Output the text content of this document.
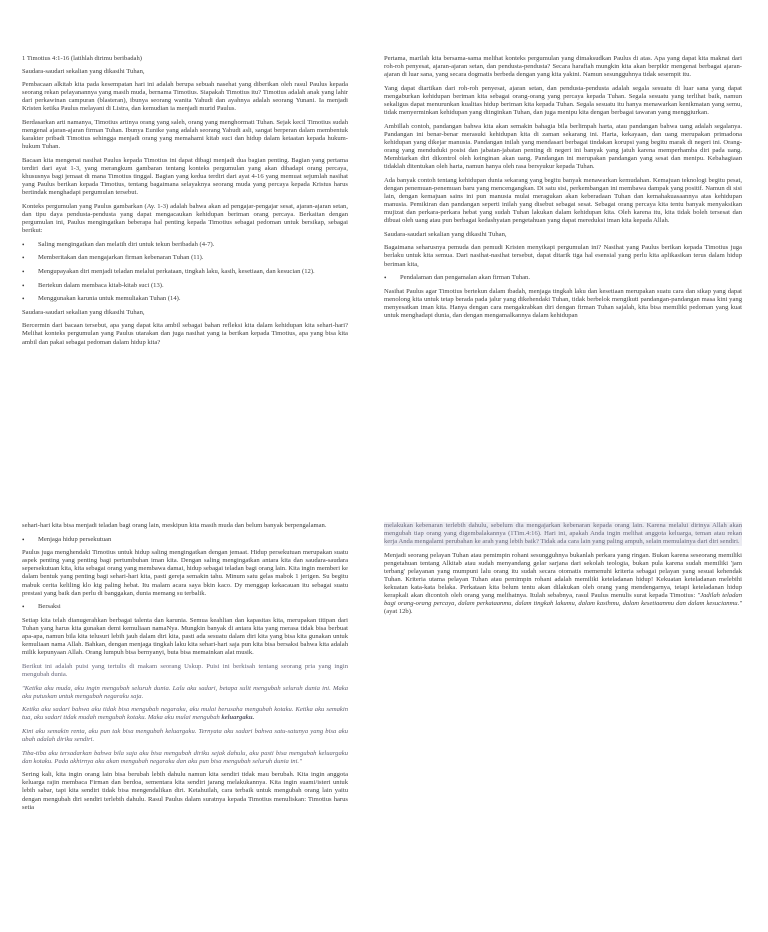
1 Timotius 4:1-16 (latihlah dirimu beribadah)

Saudara-saudari sekalian yang dikasihi Tuhan,

Pembacaan alkitab kita pada kesempatan hari ini adalah berupa sebuah nasehat yang diberikan oleh rasul Paulus kepada seorang rekan pelayanannya yang masih muda, bernama Timotius. Siapakah Timotius itu? Timotius adalah anak yang lahir dari perkawinan campuran (blasteran), ibunya seorang wanita Yahudi dan ayahnya adalah seorang Yunani. Ia menjadi Kristen ketika Paulus melayani di Listra, dan kemudian ia menjadi murid Paulus.

Berdasarkan arti namanya, Timotius artinya orang yang saleh, orang yang menghormati Tuhan. Sejak kecil Timotius sudah mengenal ajaran-ajaran firman Tuhan. Ibunya Eunike yang adalah seorang Yahudi asli, sangat berperan dalam membentuk karakter pribadi Timotius sehingga menjadi orang yang memahami kitab suci dan hidup dalam ketaatan kepada hukum-hukum Tuhan.

Bacaan kita mengenai nasihat Paulus kepada Timotius ini dapat dibagi menjadi dua bagian penting. Bagian yang pertama terdiri dari ayat 1-3, yang merangkum gambaran tentang konteks pergumulan yang akan dihadapi orang percaya, khususnya bagi jemaat di mana Timotius tinggal. Bagian yang kedua terdiri dari ayat 4-16 yang memuat sejumlah nasihat yang Paulus berikan kepada Timotius, tentang bagaimana selayaknya seorang muda yang percaya kepada Kristus harus bertindak menghadapi pergumulan tersebut.

Konteks pergumulan yang Paulus gambarkan (Ay. 1-3) adalah bahwa akan ad pengajar-pengajar sesat, ajaran-ajaran setan, dan tipu daya pendusta-pendusta yang dapat mengacaukan kehidupan beriman orang percaya. Berkaitan dengan pergumulan ini, Paulus mengingatkan beberapa hal penting kepada Timotius sebagai pedoman untuk bersikap, sebagai berikut:

•	Saling mengingatkan dan melatih diri untuk tekun beribadah (4-7).
•	Memberitakan dan mengajarkan firman kebenaran Tuhan (11).
•	Mengupayakan diri menjadi teladan melalui perkataan, tingkah laku, kasih, kesetiaan, dan kesucian (12).
•	Bertekun dalam membaca kitab-kitab suci (13).
•	Menggunakan karunia untuk memuliakan Tuhan (14).

Saudara-saudari sekalian yang dikasihi Tuhan,

Bercermin dari bacaan tersebut, apa yang dapat kita ambil sebagai bahan refleksi kita dalam kehidupan kita sehari-hari? Melihat konteks pergumulan yang Paulus utarakan dan juga nasihat yang ia berikan kepada Timotius, apa yang bisa kita ambil dan pakai sebagai pedoman dalam hidup kita?

Pertama, marilah kita bersama-sama melihat konteks pergumulan yang dimaksudkan Paulus di atas. Apa yang dapat kita maknai dari roh-roh penyesat, ajaran-ajaran setan, dan pendusta-pendusta? Secara harafiah mungkin kita akan berpikir mengenai berbagai ajaran-ajaran di luar sana, yang secara dogmatis berbeda dengan yang kita yakini. Namun sesungguhnya tidak sesempit itu.

Yang dapat diartikan dari roh-roh penyesat, ajaran setan, dan pendusta-pendusta adalah segala sesuatu di luar sana yang dapat mengaburkan kehidupan beriman kita sebagai orang-orang yang percaya kepada Tuhan. Segala sesuatu yang terlihat baik, namun sekaligus dapat menurunkan kualitas hidup beriman kita kepada Tuhan. Segala sesuatu itu hanya menawarkan kenikmatan yang semu, tidak menyerminkan kehidupan yang diinginkan Tuhan, dan juga menipu kita dengan berbagai tawaran yang menggiurkan.

Ambillah contoh, pandangan bahwa kita akan semakin bahagia bila berlimpah harta, atau pandangan bahwa uang adalah segalanya. Pandangan ini benar-benar merasuki kehidupan kita di zaman sekarang ini. Harta, kekayaan, dan uang merupakan primadona kehidupan yang dikejar manusia. Pandangan inilah yang mendasari berbagai tindakan korupsi yang begitu marak di negeri ini. Orang-orang yang menduduki posisi dan jabatan-jabatan penting di negeri ini banyak yang jatuh karena memperhamba diri pada uang. Membiarkan diri dikontrol oleh keinginan akan uang. Pandangan ini merupakan pandangan yang sesat dan menipu. Kebahagiaan tidaklah ditentukan oleh harta, namun hanya oleh rasa bersyukur kepada Tuhan.

Ada banyak contoh tentang kehidupan dunia sekarang yang begitu banyak menawarkan kemudahan. Kemajuan teknologi begitu pesat, dengan penemuan-penemuan baru yang mencengangkan. Di satu sisi, perkembangan ini membawa dampak yang positif. Namun di sisi lain, dengan kemajuan sains ini pun manusia mulai meragukan akan keberadaan Tuhan dan kemahakuasaannya atas kehidupan manusia. Pemikiran dan pandangan seperti inilah yang disebut sebagai sesat. Sebagai orang percaya kita tentu banyak menyaksikan mujizat dan perkara-perkara hebat yang sudah Tuhan lakukan dalam kehidupan kita. Oleh karena itu, kita tidak boleh tersesat dan dibuai oleh uang atau pun berbagai kedashyatan pengetahuan yang dapat mereduksi iman kita kepada Allah.

Saudara-saudari sekalian yang dikasihi Tuhan,

Bagaimana seharusnya pemuda dan pemudi Kristen menyikapi pergumulan ini? Nasihat yang Paulus berikan kepada Timotius juga berlaku untuk kita semua. Dari nasihat-nasihat tersebut, dapat ditarik tiga hal esensial yang perlu kita aplikasikan terus dalam hidup beriman kita,

•	Pendalaman dan pengamalan akan firman Tuhan.

Nasihat Paulus agar Timotius bertekun dalam ibadah, menjaga tingkah laku dan kesetiaan merupakan suatu cara dan sikap yang dapat menolong kita untuk tetap berada pada jalur yang dikehendaki Tuhan, tidak berbelok mengikuti pandangan-pandangan masa kini yang menyesatkan iman kita. Hanya dengan cara mengakrabkan diri dengan firman Tuhan sajalah, kita bisa memiliki pedoman yang kuat untuk menghadapi dunia, dan dengan mengamalkannya dalam kehidupan

sehari-hari kita bisa menjadi teladan bagi orang lain, meskipun kita masih muda dan belum banyak berpengalaman.

•	Menjaga hidup persekutuan

Paulus juga menghendaki Timotius untuk hidup saling mengingatkan dengan jemaat. Hidup persekutuan merupakan suatu aspek penting yang penting bagi pertumbuhan iman kita. Dengan saling mengingatkan antara kita dan saudara-saudara sepersekutuan kita, kita sebagai orang yang membawa damai, hidup sebagai teladan bagi orang lain. Kita ingin memberi ke dalam bentuk yang penting bagi sehari-hari kita, pasti gereja semakin tahu. Minum satu gelas mabok 1 jerigen. Su begitu mabuk cerita keliling klo ktg paling hebat. Itu malam acara saya bkin kaco. Dy menggap kekacauan itu sebagai suatu prestasi yang baik dan perlu di banggakan, dunia memang su terbalik.

•	Bersaksi

Setiap kita telah dianugerahkan berbagai talenta dan karunia. Semua keahlian dan kapasitas kita, merupakan titipan dari Tuhan yang harus kita gunakan demi kemuliaan namaNya. Mungkin banyak di antara kita yang merasa tidak bisa berbuat apa-apa, namun bila kita telusuri lebih jauh dalam diri kita, pasti ada sesuatu dalam diri kita yang bisa kita gunakan untuk kemuliaan nama Allah. Bahkan, dengan menjaga tingkah laku kita sehari-hari saja pun kita bisa bersaksi bahwa kita adalah milik kepunyaan Allah. Orang lumpuh bisa bernyanyi, buta bisa memainkan alat musik.

Berikut ini adalah puisi yang tertulis di makam seorang Uskup. Puisi ini berkisah tentang seorang pria yang ingin mengubah dunia.

"Ketika aku muda, aku ingin mengubah seluruh dunia. Lalu aku sadari, betapa sulit mengubah seluruh dunia ini. Maka aku putuskan untuk mengubah negaraku saja.

Ketika aku sadari bahwa aku tidak bisa mengubah negaraku, aku mulai berusaha mengubah kotaku. Ketika aku semakin tua, aku sadari tidak mudah mengubah kotaku. Maka aku mulai mengubah keluargaku.

Kini aku semakin renta, aku pun tak bisa mengubah keluargaku. Ternyata aku sadari bahwa satu-satunya yang bisa aku ubah adalah diriku sendiri.

Tiba-tiba aku tersadarkan bahwa bila saja aku bisa mengubah diriku sejak dahulu, aku pasti bisa mengubah keluargaku dan kotaku. Pada akhirnya aku akan mengubah negaraku dan aku pun bisa mengubah seluruh dunia ini."

Sering kali, kita ingin orang lain bisa berubah lebih dahulu namun kita sendiri tidak mau berubah. Kita ingin anggota keluarga rajin membaca Firman dan berdoa, sementara kita sendiri jarang melakukannya. Kita ingin suami/isteri untuk lebih sabar, tapi kita sendiri tidak bisa mengendalikan diri. Ketahuilah, cara terbaik untuk mengubah orang lain yaitu dengan mengubah diri sendiri terlebih dahulu. Rasul Paulus dalam suratnya kepada Timotius menuliskan: Timotius harus setia

melakukan kebenaran terlebih dahulu, sebelum dia mengajarkan kebenaran kepada orang lain. Karena melalui dirinya Allah akan mengubah tiap orang yang digembalakannya (1Tim.4:16). Hari ini, apakah Anda ingin melihat anggota keluarga, teman atau rekan kerja Anda mengalami perubahan ke arah yang lebih baik? Tidak ada cara lain yang paling ampuh, selain memulainya dari diri sendiri.

Menjadi seorang pelayan Tuhan atau pemimpin rohani sesungguhnya bukanlah perkara yang ringan. Bukan karena seseorang memiliki pengetahuan tentang Alkitab atau sudah menyandang gelar sarjana dari sekolah teologia, bukan pula karena sudah memiliki 'jam terbang' pelayanan yang mumpuni lalu orang itu sudah secara otomatis memenuhi kriteria sebagai pelayan yang sesuai kehendak Tuhan. Kriteria utama pelayan Tuhan atau pemimpin rohani adalah memiliki keteladanan hidup! Kekuatan keteladanan melebihi kekuatan kata-kata belaka. Perkataan kita belum tentu akan dilakukan oleh orang yang mendengarnya, tetapi keteladanan hidup kerapkali akan dicontoh oleh orang yang melihatnya. Itulah sebabnya, rasul Paulus menulis surat kepada Timotius: "Jadilah teladan bagi orang-orang percaya, dalam perkataanmu, dalam tingkah lakumu, dalam kasihmu, dalam kesetiaanmu dan dalam kesucianmu." (ayat 12b).
